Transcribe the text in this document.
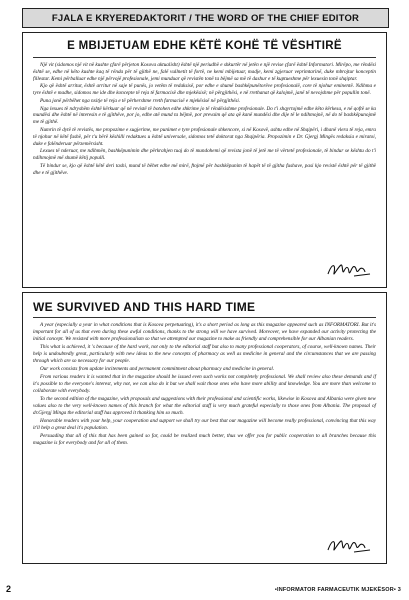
FJALA E KRYEREDAKTORIT / THE WORD OF THE CHIEF EDITOR
E MBIJETUAM EDHE KËTË KOHË TË VËSHTIRË

Një vit (sidomos një vit në kushte çfarë përjeton Kosova aktualisht) është një periudhë e shkurtër në jetën e një revise çfarë është Informatori. Mirëpo, me rëndësi është se, edhe në këto kushte kaq të rënda për të gjithë ne, falë vullnetit të fortë, ne kemi mbijetuar, madje, kemi zgjeruar veprimtarinë, duke mbrojtur konceptin fillestar. Kemi përballuar edhe një përvojë profesionale, jemi munduar që revistën tonë ta bëjmë sa më të dashur e të kuptueshme për lexuesin tonë shqiptar.

Kjo që është arritur, është arritur në saje të punës, jo vetëm të redaksisë, por edhe e shumë bashkëpunëtorëve profesionalë, core të njohur eminentë. Ndihma e tyre është e madhe, sidomos me ide dhe koncepte të reja të farmacisë dhe mjekësisë; në përgjithësi, e në rrethanat që kalojmë, janë të nevojshme për popullin tonë.

Puna jonë përbëhet nga nxitje të reja e të përhershme rreth farmacisë e mjekësisë në përgjithësi.

Nga lexues të ndryshëm është kërkuar që në revistë të botohen edhe shkrime jo të rëndësishme profesionale. Do t'i shqyrtojmë edhe këto kërkesa, e në qoftë se ka mundësi dhe është në interesin e të gjithëve, por jo, edhe atë mund ta bëjmë, por prevaim që ata që kanë mundësi dhe dije të le ndihmojnë, në do të bashkëpunojmë me të gjithë.

Numrin të dytë të revistës, me propozime e sugjerime, me punimet e tyre profesionale shkencore, si në Kosovë, ashtu edhe në Shqipëri, i dhanë vlera të reja, emra të njohur në këtë fushë, për t'u bërë këshilli redaktues u është universale, sidomos tetë doktorat nga Shqipëria. Propozimin e Dr. Gjergj Mingës redaksia e miratoi, duke e falënderuar përzemërsisht.

Lexues të nderuar, me ndihmën, bashkëpunimin dhe përkrahjen tuaj do të mundohemi që revista jonë të jetë me të vërtetë profesionale, të bindur se kështu do t'i ndihmojmë më shumë këtij populli.

Të bindur se, kjo që është këtë deri tashi, mund të bëhet edhe më mirë, ftojmë për bashkëpunim të hapët të të gjitha fushave, pasi kjo revistë është për të gjithë dhe e të gjithëve.

WE SURVIVED AND THIS HARD TIME

A year (especially a year in what conditions that is Kosova perpetuating), it's a short period as long as this magazine appeared such as INFORMATORI. But it's important for all of us that even during these awful conditions, thanks to the strong will we have survived. Moreover, we have expanded our activity protecting the initial concept. We resisted with more professionalism so that we attempted our magazine to make as friendly and comprehensible for our Albanian readers.

This what is achieved, it 's because of the hard work, not only to the editorial staff but also to many professional cooperators, of course, well-known names. Their help is undoubtedly great, particularly with new ideas to the new concepts of pharmacy as well as medicine in general and the circumstances that we are passing through which are so necessary for our people.

Our work consists from update incitements and permanent commitment about pharmacy and medicine in general.

From various readers it is wanted that in the magazine should be issued even such works not completely professional. We shall review also these demands and if it's possible to the everyone's interest, why not, we can also do it but we shall wait those ones who have more ability and knowledge. You are more than welcome to collaborate with everybody.

To the second edition of the magazine, with proposals and suggestions with their professional and scientific works, likewise in Kosova and Albania were given new values also to the very well-known names of this branch for what the editorial staff is very much grateful especially to those ones from Albania. The proposal of dr.Gjergj Minga the editorial staff has approved it thanking him so much.

Honorable readers with your help, your cooperation and support we shall try our best that our magazine will become really professional, convincing that this way it'll help a great deal it's population.

Persuading that all of this that has been gained so far, could be realized much better, thus we offer you for public cooperation to all branches because this magazine is for everybody and for all of them.

2	•INFORMATOR FARMACEUTIK MJEKËSOR• 3
